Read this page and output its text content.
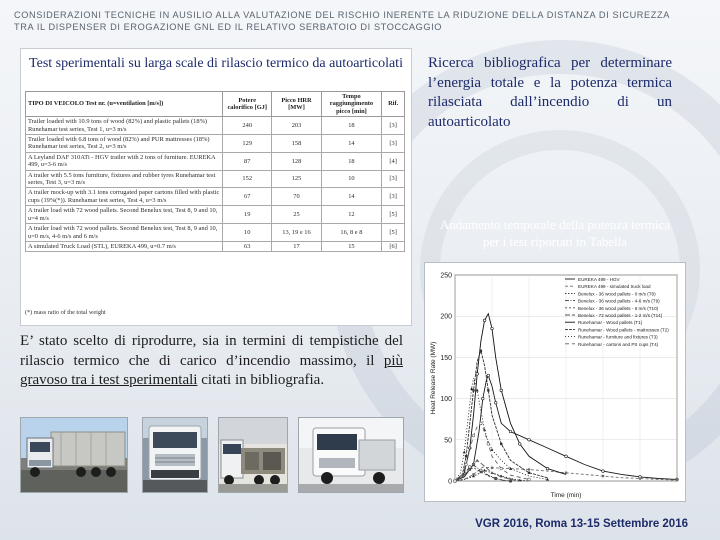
CONSIDERAZIONI TECNICHE IN AUSILIO ALLA VALUTAZIONE DEL RISCHIO INERENTE LA RIDUZIONE DELLA DISTANZA DI SICUREZZA
TRA IL DISPENSER DI EROGAZIONE GNL ED IL RELATIVO SERBATOIO DI STOCCAGGIO
Test sperimentali su larga scale di rilascio termico da autoarticolati
TIPO DI VEICOLO Test nr. (u=ventilation [m/s])	Potere calorifico [GJ]	Picco HRR [MW]	Tempo raggiungimento picco [min]	Rif.
Trailer loaded with 10.9 tons of wood (82%) and plastic pallets (18%) Runehamar test series, Test 1, u=3 m/s	240	203	18	[3]
Trailer loaded with 6.8 tons of wood (82%) and PUR mattresses (18%) Runehamar test series, Test 2, u=3 m/s	129	158	14	[3]
A Leyland DAF 310ATi - HGV trailer with 2 tons of furniture. EUREKA 499, u=3-6 m/s	87	128	18	[4]
A trailer with 5.5 tons furniture, fixtures and rubber tyres Runehamar test series, Test 3, u=3 m/s	152	125	10	[3]
A trailer mock-up with 3.1 tons corrugated paper cartons filled with plastic cups (19%(*)). Runehamar test series, Test 4, u=3 m/s	67	70	14	[3]
A trailer load with 72 wood pallets. Second Benelux test, Test 8, 9 and 10, u=4 m/s	19	25	12	[5]
A trailer load with 72 wood pallets. Second Benelux test, Test 8, 9 and 10, u=0 m/s, 4-6 m/s and 6 m/s	10	13, 19 e 16	16, 8 e 8	[5]
A simulated Truck Load (STL), EUREKA 499, u=0.7 m/s	63	17	15	[6]
(*) mass ratio of the total weight
Ricerca bibliografica per determinare l’energia totale e la potenza termica rilasciata dall’incendio di un autoarticolato
Andamento temporale della potenza termica per i test riportati in Tabella
0
50
100
150
200
250
Heat Release Rate (MW)
Time (min)
EUREKA 499 - HGV
EUREKA 499 - simulated truck load
Benelux - 36 wood pallets - 0 m/s (T8)
Benelux - 36 wood pallets - 4-6 m/s (T9)
Benelux - 36 wood pallets - 6 m/s (T10)
Benelux - 72 wood pallets - 1-2 m/s (T14)
Runehamar - Wood pallets (T1)
Runehamar - Wood pallets - mattresses (T2)
Runehamar - furniture and fixtures (T3)
Runehamar - cartons and PS cups (T4)
E’ stato scelto di riprodurre, sia in termini di tempistiche del rilascio termico che di carico d’incendio massimo, il più gravoso tra i test sperimentali citati in bibliografia.
VGR 2016, Roma 13-15 Settembre 2016
